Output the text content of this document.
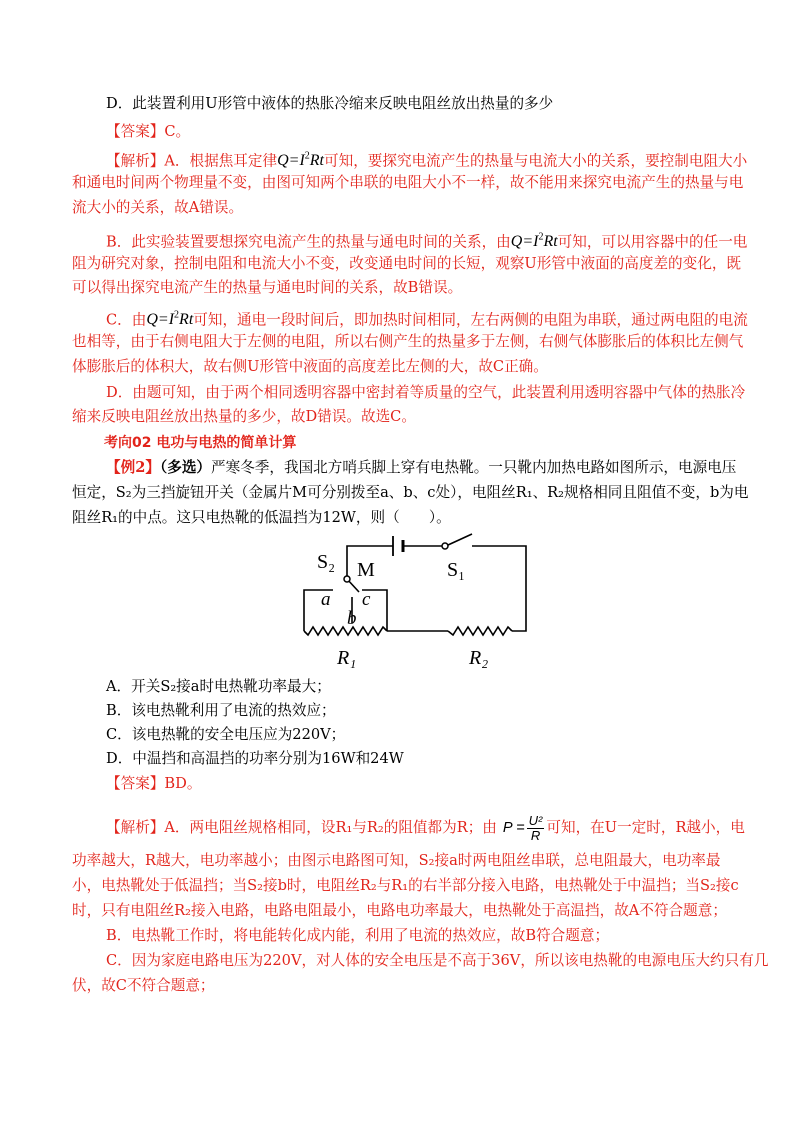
D．此装置利用U形管中液体的热胀冷缩来反映电阻丝放出热量的多少
【答案】C。
【解析】A．根据焦耳定律$Q=I^2Rt$可知，要探究电流产生的热量与电流大小的关系，要控制电阻大小
和通电时间两个物理量不变，由图可知两个串联的电阻大小不一样，故不能用来探究电流产生的热量与电
流大小的关系，故A错误。
B．此实验装置要想探究电流产生的热量与通电时间的关系，由$Q=I^2Rt$可知，可以用容器中的任一电
阻为研究对象，控制电阻和电流大小不变，改变通电时间的长短，观察U形管中液面的高度差的变化，既
可以得出探究电流产生的热量与通电时间的关系，故B错误。
C．由$Q=I^2Rt$可知，通电一段时间后，即加热时间相同，左右两侧的电阻为串联，通过两电阻的电流
也相等，由于右侧电阻大于左侧的电阻，所以右侧产生的热量多于左侧，右侧气体膨胀后的体积比左侧气
体膨胀后的体积大，故右侧U形管中液面的高度差比左侧的大，故C正确。
D．由题可知，由于两个相同透明容器中密封着等质量的空气，此装置利用透明容器中气体的热胀冷
缩来反映电阻丝放出热量的多少，故D错误。故选C。
考向02 电功与电热的简单计算
【例2】（多选）严寒冬季，我国北方哨兵脚上穿有电热靴。一只靴内加热电路如图所示，电源电压
恒定，S₂为三挡旋钮开关（金属片M可分别拨至a、b、c处），电阻丝R₁、R₂规格相同且阻值不变，b为电
阻丝R₁的中点。这只电热靴的低温挡为12W，则（　　）。
S₂ M	S₁
a c
b
R₁	R₂
A．开关S₂接a时电热靴功率最大；
B．该电热靴利用了电流的热效应；
C．该电热靴的安全电压应为220V；
D．中温挡和高温挡的功率分别为16W和24W
【答案】BD。
【解析】A．两电阻丝规格相同，设R₁与R₂的阻值都为R；由 $P = \frac{\text{U²}}{R}$ 可知，在U一定时，R越小，电
功率越大，R越大，电功率越小；由图示电路图可知，S₂接a时两电阻丝串联，总电阻最大，电功率最
小，电热靴处于低温挡；当S₂接b时，电阻丝R₂与R₁的右半部分接入电路，电热靴处于中温挡；当S₂接c
时，只有电阻丝R₂接入电路，电路电阻最小，电路电功率最大，电热靴处于高温挡，故A不符合题意；
B．电热靴工作时，将电能转化成内能，利用了电流的热效应，故B符合题意；
C．因为家庭电路电压为220V，对人体的安全电压是不高于36V，所以该电热靴的电源电压大约只有几
伏，故C不符合题意；
